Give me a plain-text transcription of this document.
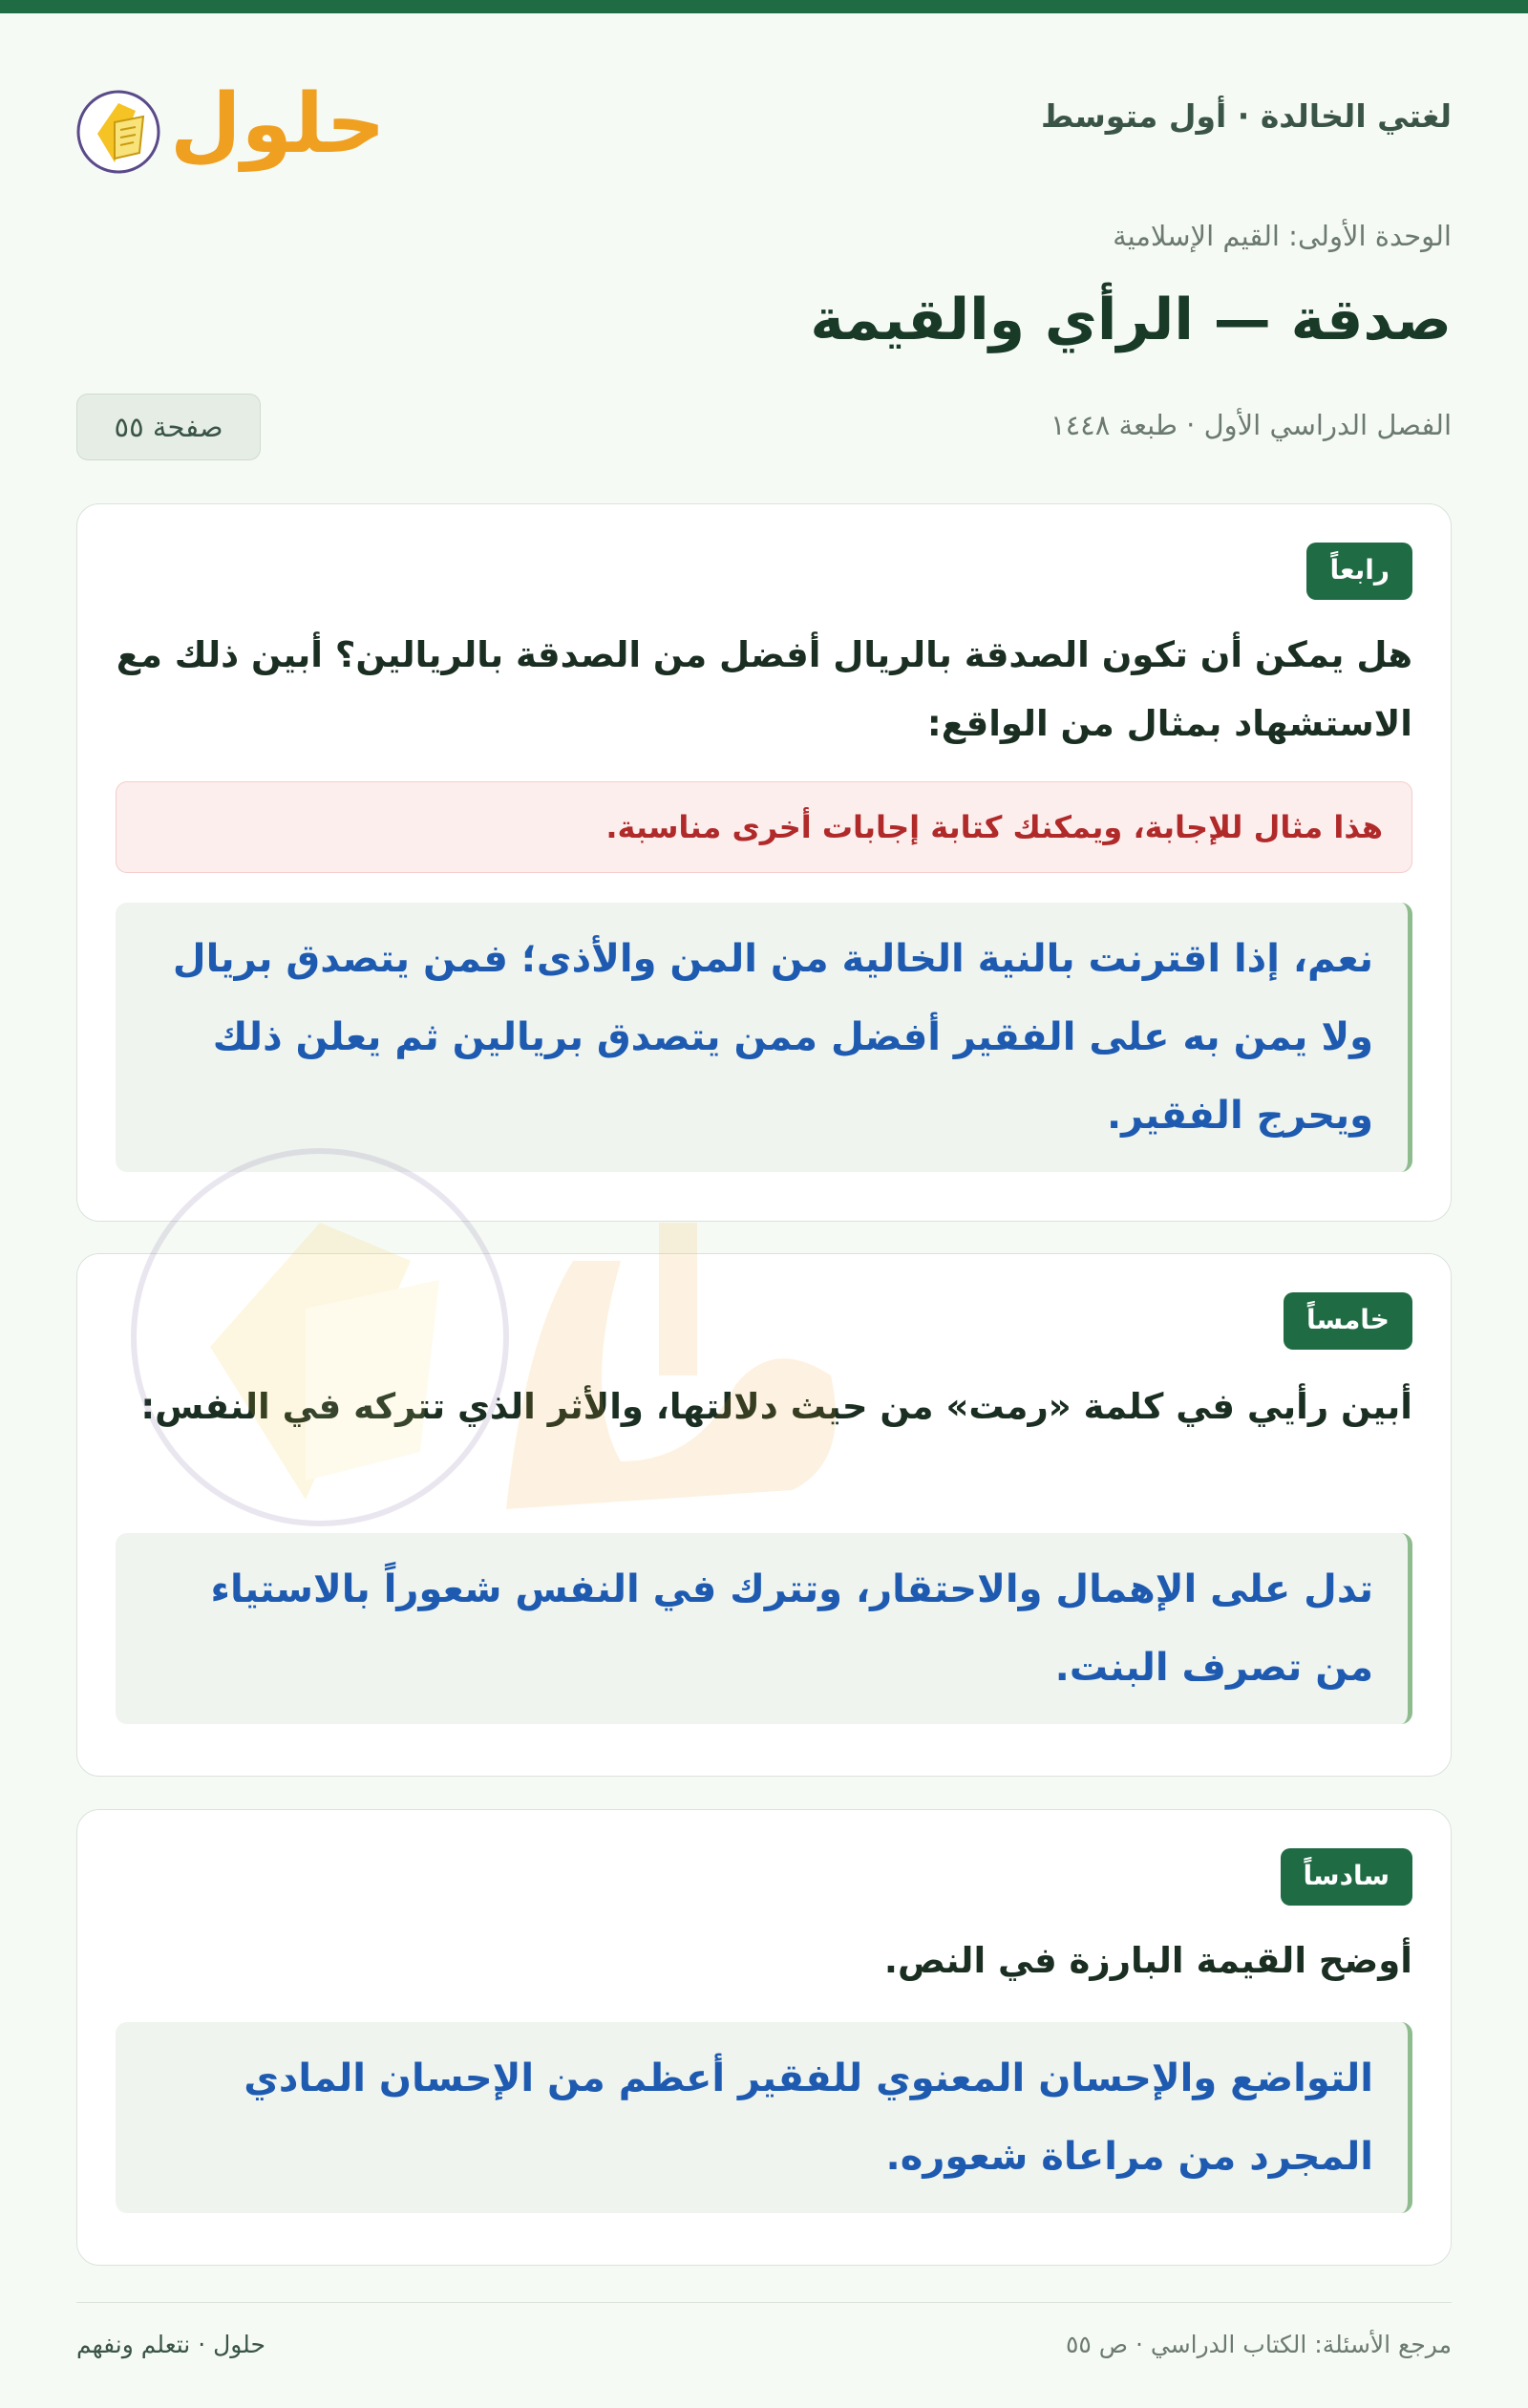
لغتي الخالدة · أول متوسط
حلول
الوحدة الأولى: القيم الإسلامية
صدقة — الرأي والقيمة
الفصل الدراسي الأول · طبعة ١٤٤٨
صفحة ٥٥
رابعاً
هل يمكن أن تكون الصدقة بالريال أفضل من الصدقة بالريالين؟ أبين ذلك مع الاستشهاد بمثال من الواقع:
هذا مثال للإجابة، ويمكنك كتابة إجابات أخرى مناسبة.
نعم، إذا اقترنت بالنية الخالية من المن والأذى؛ فمن يتصدق بريال ولا يمن به على الفقير أفضل ممن يتصدق بريالين ثم يعلن ذلك ويحرج الفقير.
خامساً
أبين رأيي في كلمة «رمت» من حيث دلالتها، والأثر الذي تتركه في النفس:
تدل على الإهمال والاحتقار، وتترك في النفس شعوراً بالاستياء من تصرف البنت.
سادساً
أوضح القيمة البارزة في النص.
التواضع والإحسان المعنوي للفقير أعظم من الإحسان المادي المجرد من مراعاة شعوره.
مرجع الأسئلة: الكتاب الدراسي · ص ٥٥
حلول · نتعلم ونفهم
